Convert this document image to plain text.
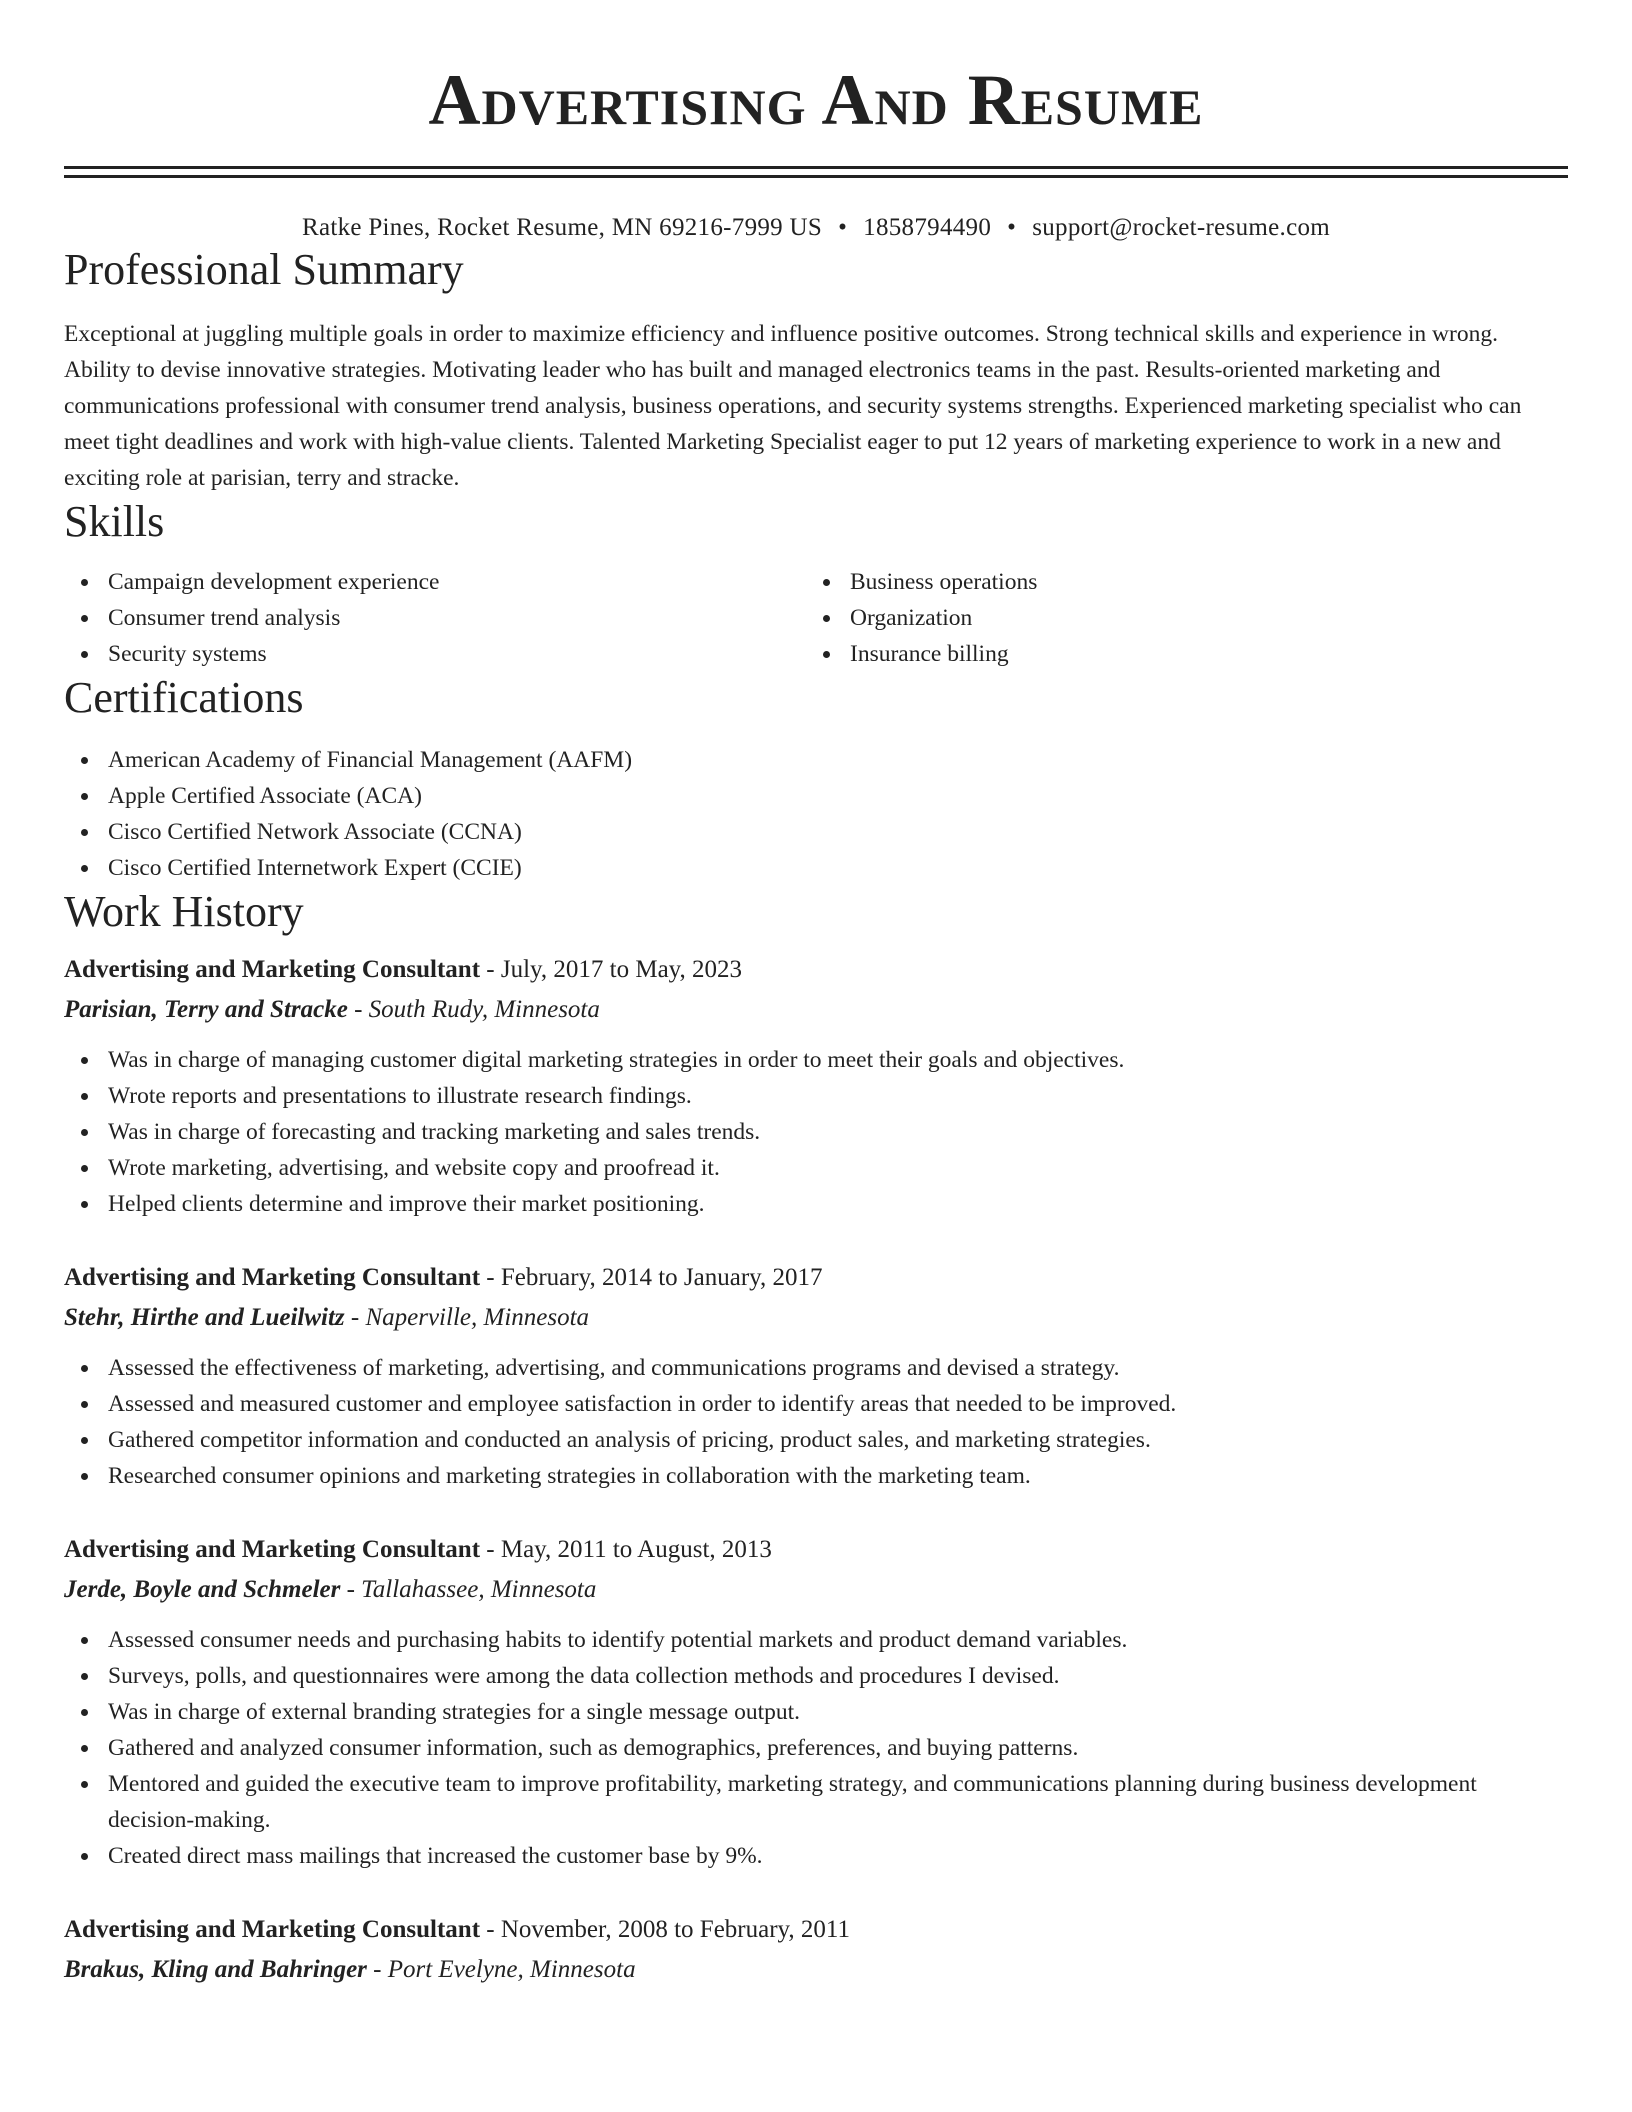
Advertising And Resume
Ratke Pines, Rocket Resume, MN 69216-7999 US • 1858794490 • support@rocket-resume.com
Professional Summary

Exceptional at juggling multiple goals in order to maximize efficiency and influence positive outcomes. Strong technical skills and experience in wrong. Ability to devise innovative strategies. Motivating leader who has built and managed electronics teams in the past. Results-oriented marketing and communications professional with consumer trend analysis, business operations, and security systems strengths. Experienced marketing specialist who can meet tight deadlines and work with high-value clients. Talented Marketing Specialist eager to put 12 years of marketing experience to work in a new and exciting role at parisian, terry and stracke.

Skills
Campaign development experience
Consumer trend analysis
Security systems
Business operations
Organization
Insurance billing
Certifications
American Academy of Financial Management (AAFM)
Apple Certified Associate (ACA)
Cisco Certified Network Associate (CCNA)
Cisco Certified Internetwork Expert (CCIE)
Work History
Advertising and Marketing Consultant - July, 2017 to May, 2023
Parisian, Terry and Stracke - South Rudy, Minnesota
Was in charge of managing customer digital marketing strategies in order to meet their goals and objectives.
Wrote reports and presentations to illustrate research findings.
Was in charge of forecasting and tracking marketing and sales trends.
Wrote marketing, advertising, and website copy and proofread it.
Helped clients determine and improve their market positioning.
Advertising and Marketing Consultant - February, 2014 to January, 2017
Stehr, Hirthe and Lueilwitz - Naperville, Minnesota
Assessed the effectiveness of marketing, advertising, and communications programs and devised a strategy.
Assessed and measured customer and employee satisfaction in order to identify areas that needed to be improved.
Gathered competitor information and conducted an analysis of pricing, product sales, and marketing strategies.
Researched consumer opinions and marketing strategies in collaboration with the marketing team.
Advertising and Marketing Consultant - May, 2011 to August, 2013
Jerde, Boyle and Schmeler - Tallahassee, Minnesota
Assessed consumer needs and purchasing habits to identify potential markets and product demand variables.
Surveys, polls, and questionnaires were among the data collection methods and procedures I devised.
Was in charge of external branding strategies for a single message output.
Gathered and analyzed consumer information, such as demographics, preferences, and buying patterns.
Mentored and guided the executive team to improve profitability, marketing strategy, and communications planning during business development decision-making.
Created direct mass mailings that increased the customer base by 9%.
Advertising and Marketing Consultant - November, 2008 to February, 2011
Brakus, Kling and Bahringer - Port Evelyne, Minnesota
